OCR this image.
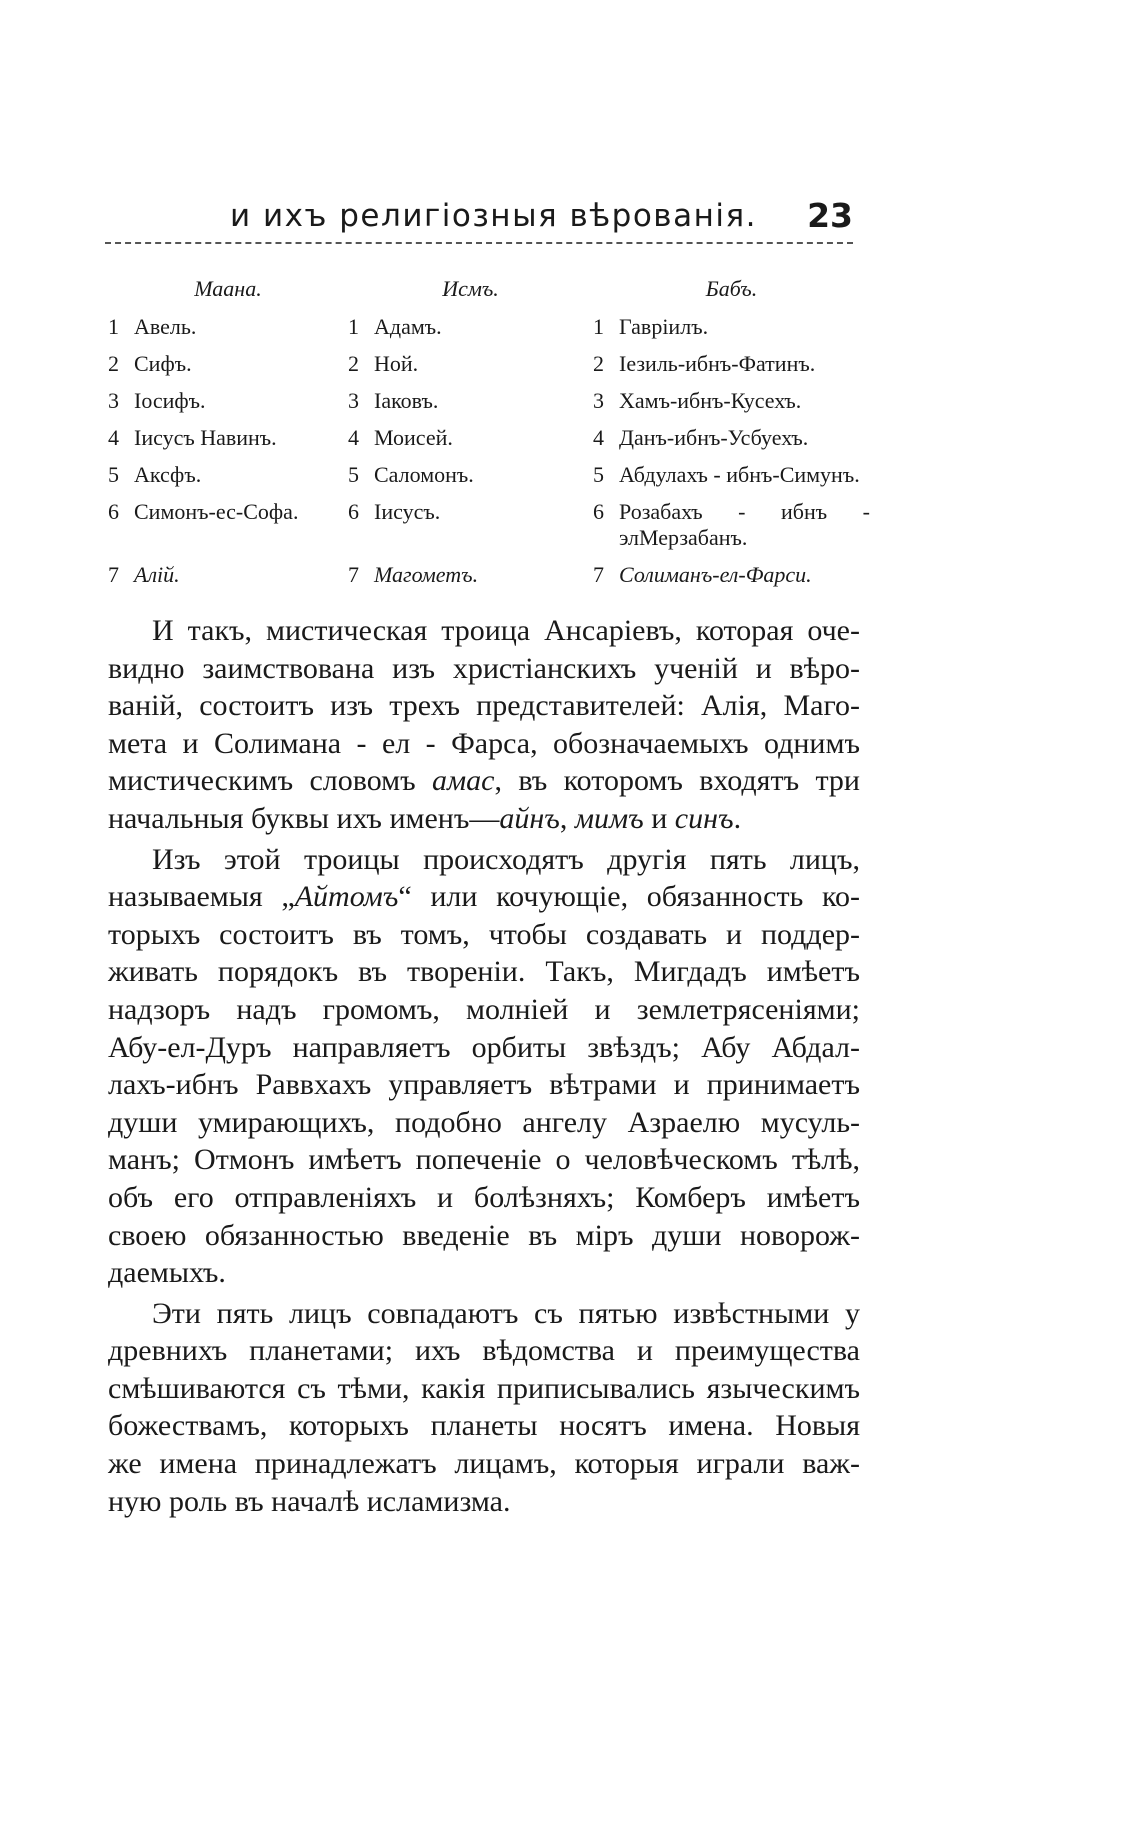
и ихъ религіозныя вѣрованія. 23
Маана.	Исмъ.	Бабъ.

1 Авель.	1 Адамъ.	1 Гавріилъ.

2 Сифъ.	2 Ной.	2 Іезиль-ибнъ-Фатинъ.

3 Іосифъ.	3 Іаковъ.	3 Хамъ-ибнъ-Кусехъ.

4 Іисусъ Навинъ.	4 Моисей.	4 Данъ-ибнъ-Усбуехъ.

5 Аксфъ.	5 Саломонъ.	5 Абдулахъ - ибнъ-Симунъ.

6 Симонъ-ес-Софа.	6 Іисусъ.	6 Розабахъ - ибнъ - элМерзабанъ.

7 Алій.	7 Магометъ.	7 Солиманъ-ел-Фарси.

И такъ, мистическая троица Ансаріевъ, которая оче-
видно заимствована изъ христіанскихъ ученій и вѣро-
ваній, состоитъ изъ трехъ представителей: Алія, Маго-
мета и Солимана - ел - Фарса, обозначаемыхъ однимъ
мистическимъ словомъ амас, въ которомъ входятъ три
начальныя буквы ихъ именъ—айнъ, мимъ и синъ.

Изъ этой троицы происходятъ другія пять лицъ,
называемыя „Айтомъ“ или кочующіе, обязанность ко-
торыхъ состоитъ въ томъ, чтобы создавать и поддер-
живать порядокъ въ твореніи. Такъ, Мигдадъ имѣетъ
надзоръ надъ громомъ, молніей и землетрясеніями;
Абу-ел-Дуръ направляетъ орбиты звѣздъ; Абу Абдал-
лахъ-ибнъ Раввхахъ управляетъ вѣтрами и принимаетъ
души умирающихъ, подобно ангелу Азраелю мусуль-
манъ; Отмонъ имѣетъ попеченіе о человѣческомъ тѣлѣ,
объ его отправленіяхъ и болѣзняхъ; Комберъ имѣетъ
своею обязанностью введеніе въ міръ души новорож-
даемыхъ.

Эти пять лицъ совпадаютъ съ пятью извѣстными у
древнихъ планетами; ихъ вѣдомства и преимущества
смѣшиваются съ тѣми, какія приписывались языческимъ
божествамъ, которыхъ планеты носятъ имена. Новыя
же имена принадлежатъ лицамъ, которыя играли важ-
ную роль въ началѣ исламизма.
